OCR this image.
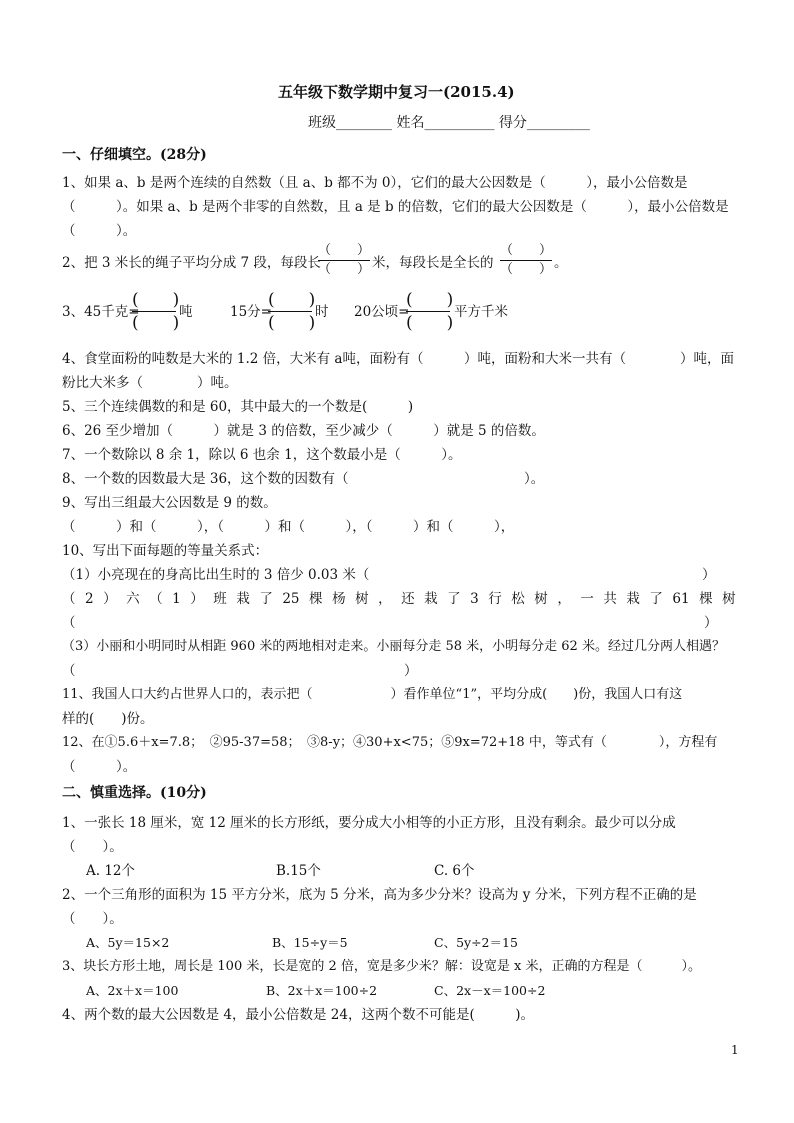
五年级下数学期中复习一(2015.4)
班级________ 姓名__________ 得分_________
一、仔细填空。(28分)
1、如果 a、b 是两个连续的自然数（且 a、b 都不为 0），它们的最大公因数是（　　　），最小公倍数是
（　　　）。如果 a、b 是两个非零的自然数，且 a 是 b 的倍数，它们的最大公因数是（　　　），最小公倍数是
（　　　）。
2、把 3 米长的绳子平均分成 7 段，每段长
（　　）
（　　） 米，每段长是全长的
（　　）
（　　） 。
3、45千克=
(　　)
(　　)
吨	15分=
(　　)
(　　)
时 20公顷=
(　　)
(　　)
平方千米
4、食堂面粉的吨数是大米的 1.2 倍，大米有 a吨，面粉有（　　　）吨，面粉和大米一共有（　　　　）吨，面
粉比大米多（　　　　）吨。
5、三个连续偶数的和是 60，其中最大的一个数是(　　　)
6、26 至少增加（　　　）就是 3 的倍数，至少减少（　　　）就是 5 的倍数。
7、一个数除以 8 余 1，除以 6 也余 1，这个数最小是（　　　）。
8、一个数的因数最大是 36，这个数的因数有（　　　　　　　　　　　　　）。
9、写出三组最大公因数是 9 的数。
（　　　）和（　　　），（　　　）和（　　　），（　　　）和（　　　），
10、写出下面每题的等量关系式：
（1）小亮现在的身高比出生时的 3 倍少 0.03 米（	）
（ 2 ） 六 （ 1 ） 班 栽 了 25 棵 杨 树 ， 还 栽 了 3 行 松 树 ， 一 共 栽 了 61 棵 树
（	）
（3）小丽和小明同时从相距 960 米的两地相对走来。小丽每分走 58 米，小明每分走 62 米。经过几分两人相遇？
（	）
11、我国人口大约占世界人口的，表示把（　　　　　　）看作单位“1”，平均分成(　　)份，我国人口有这
样的(　　)份。
12、在①5.6＋x=7.8；　②95-37=58；　③8-y；④30+x<75；⑤9x=72+18 中，等式有（　　　　），方程有
（　　　）。
二、慎重选择。(10分)
1、一张长 18 厘米，宽 12 厘米的长方形纸，要分成大小相等的小正方形，且没有剩余。最少可以分成
（　　）。
A. 12个	B.15个	C. 6个
2、一个三角形的面积为 15 平方分米，底为 5 分米，高为多少分米？设高为 y 分米，下列方程不正确的是
（　　）。
A、5y＝15×2	B、15÷y＝5	C、5y÷2＝15
3、块长方形土地，周长是 100 米，长是宽的 2 倍，宽是多少米？解：设宽是 x 米，正确的方程是（　　　）。
A、2x＋x＝100	B、2x＋x＝100÷2	C、2x－x＝100÷2
4、两个数的最大公因数是 4，最小公倍数是 24，这两个数不可能是(　　　)。
1
